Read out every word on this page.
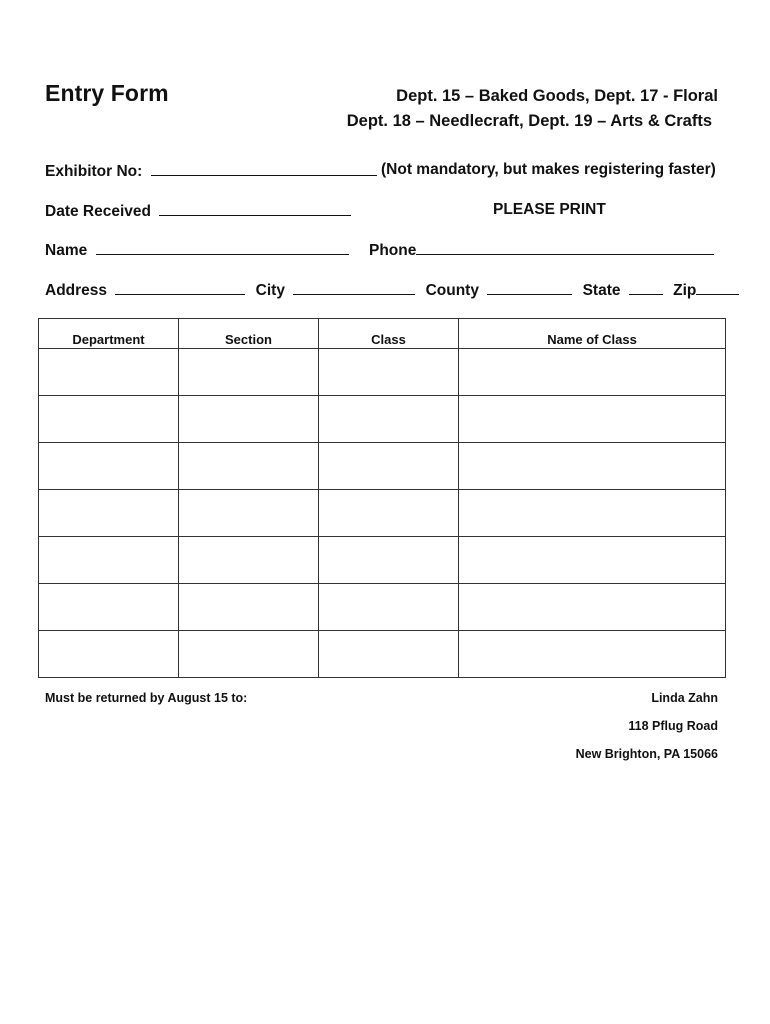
Entry Form	Dept. 15 – Baked Goods, Dept. 17 - Floral
Dept. 18 – Needlecraft, Dept. 19 – Arts & Crafts
Exhibitor No:	(Not mandatory, but makes registering faster)
Date Received	PLEASE PRINT
Name	Phone
Address	City	County	State	Zip
Department	Section	Class	Name of Class

Must be returned by August 15 to:	Linda Zahn
118 Pflug Road
New Brighton, PA 15066
